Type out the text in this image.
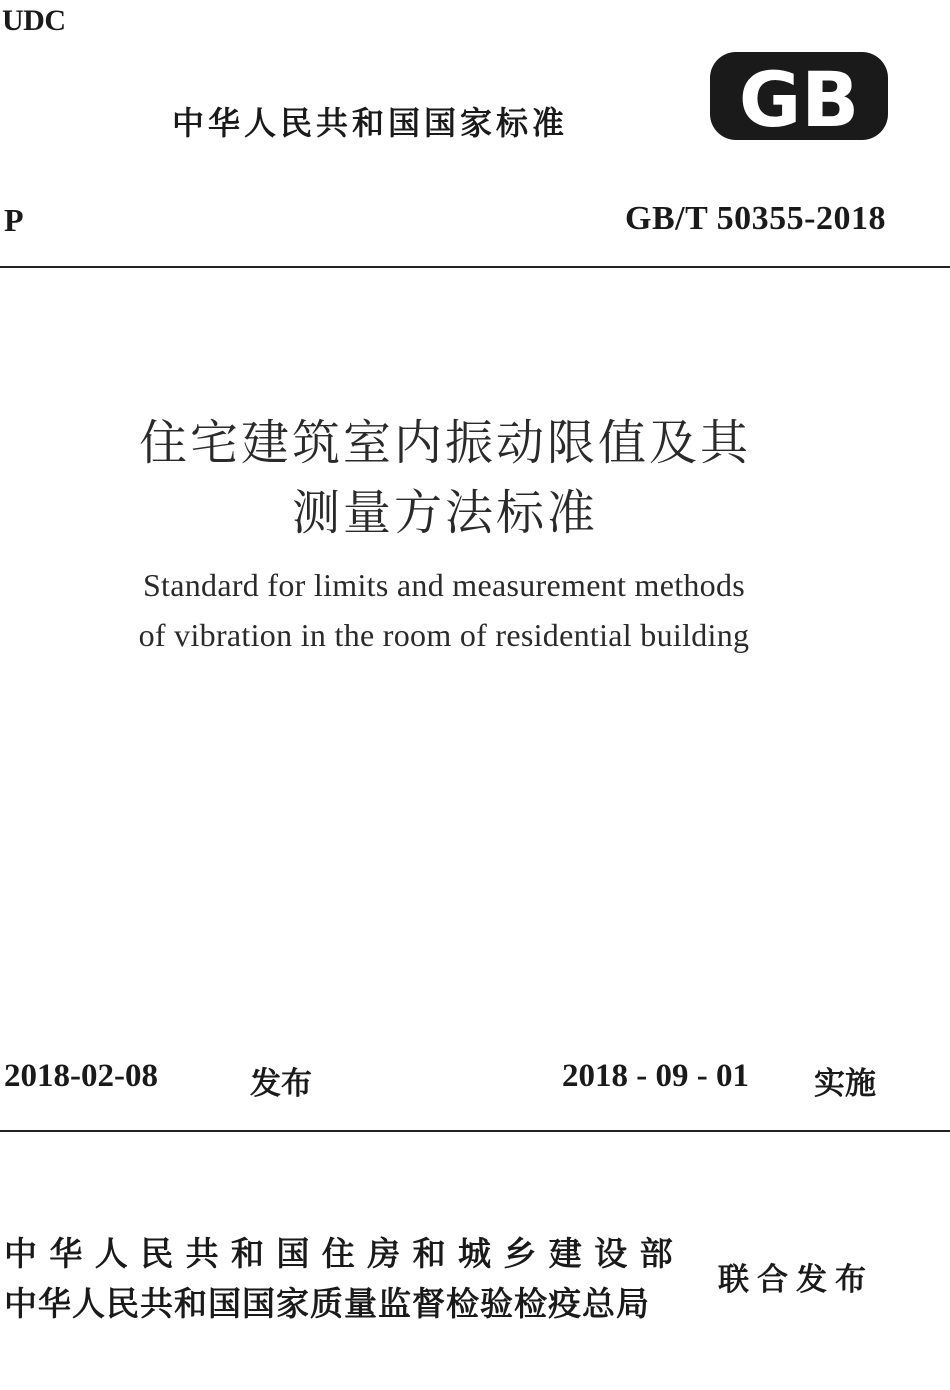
UDC
中华人民共和国国家标准 GB
P	GB/T 50355-2018
住宅建筑室内振动限值及其
测量方法标准
Standard for limits and measurement methods
of vibration in the room of residential building
2018-02-08	发布	2018 - 09 - 01 实施
中华人民共和国住房和城乡建设部
中华人民共和国国家质量监督检验检疫总局
联合发布
